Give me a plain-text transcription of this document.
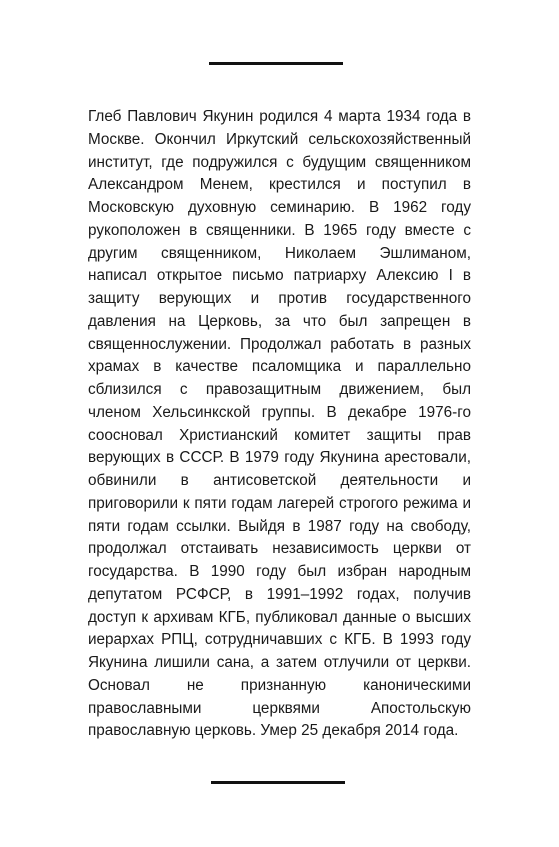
Глеб Павлович Якунин родился 4 марта 1934 года в Москве. Окончил Иркутский сельскохозяйственный институт, где подружился с будущим священником Александром Менем, крестился и поступил в Московскую духовную семинарию. В 1962 году рукоположен в священники. В 1965 году вместе с другим священником, Николаем Эшлиманом, написал открытое письмо патриарху Алексию I в защиту верующих и против государственного давления на Церковь, за что был запрещен в священнослужении. Продолжал работать в разных храмах в качестве псаломщика и параллельно сблизился с правозащитным движением, был членом Хельсинкской группы. В декабре 1976-го сооснoвал Христианский комитет защиты прав верующих в СССР. В 1979 году Якунина арестовали, обвинили в антисоветской деятельности и приговорили к пяти годам лагерей строгого режима и пяти годам ссылки. Выйдя в 1987 году на свободу, продолжал отстаивать независимость церкви от государства. В 1990 году был избран народным депутатом РСФСР, в 1991–1992 годах, получив доступ к архивам КГБ, публиковал данные о высших иерархах РПЦ, сотрудничавших с КГБ. В 1993 году Якунина лишили сана, а затем отлучили от церкви. Основал не признанную каноническими православными церквями Апостольскую православную церковь. Умер 25 декабря 2014 года.
